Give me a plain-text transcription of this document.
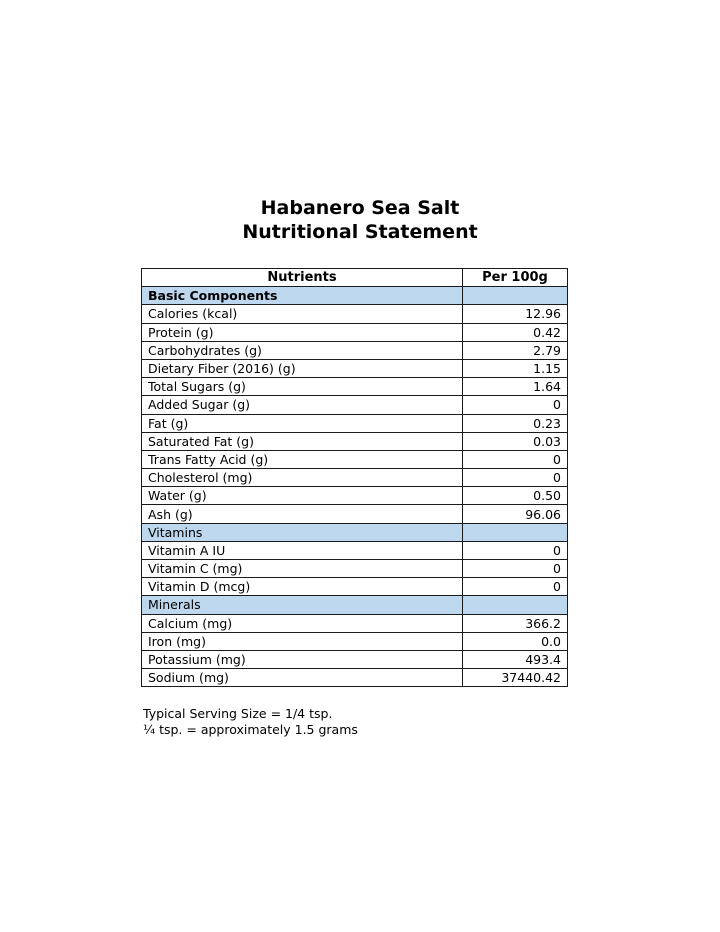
Habanero Sea Salt
Nutritional Statement
Nutrients	Per 100g
Basic Components	
Calories (kcal)	12.96
Protein (g)	0.42
Carbohydrates (g)	2.79
Dietary Fiber (2016) (g)	1.15
Total Sugars (g)	1.64
Added Sugar (g)	0
Fat (g)	0.23
Saturated Fat (g)	0.03
Trans Fatty Acid (g)	0
Cholesterol (mg)	0
Water (g)	0.50
Ash (g)	96.06
Vitamins	
Vitamin A IU	0
Vitamin C (mg)	0
Vitamin D (mcg)	0
Minerals	
Calcium (mg)	366.2
Iron (mg)	0.0
Potassium (mg)	493.4
Sodium (mg)	37440.42
Typical Serving Size = 1/4 tsp.
¼ tsp. = approximately 1.5 grams
